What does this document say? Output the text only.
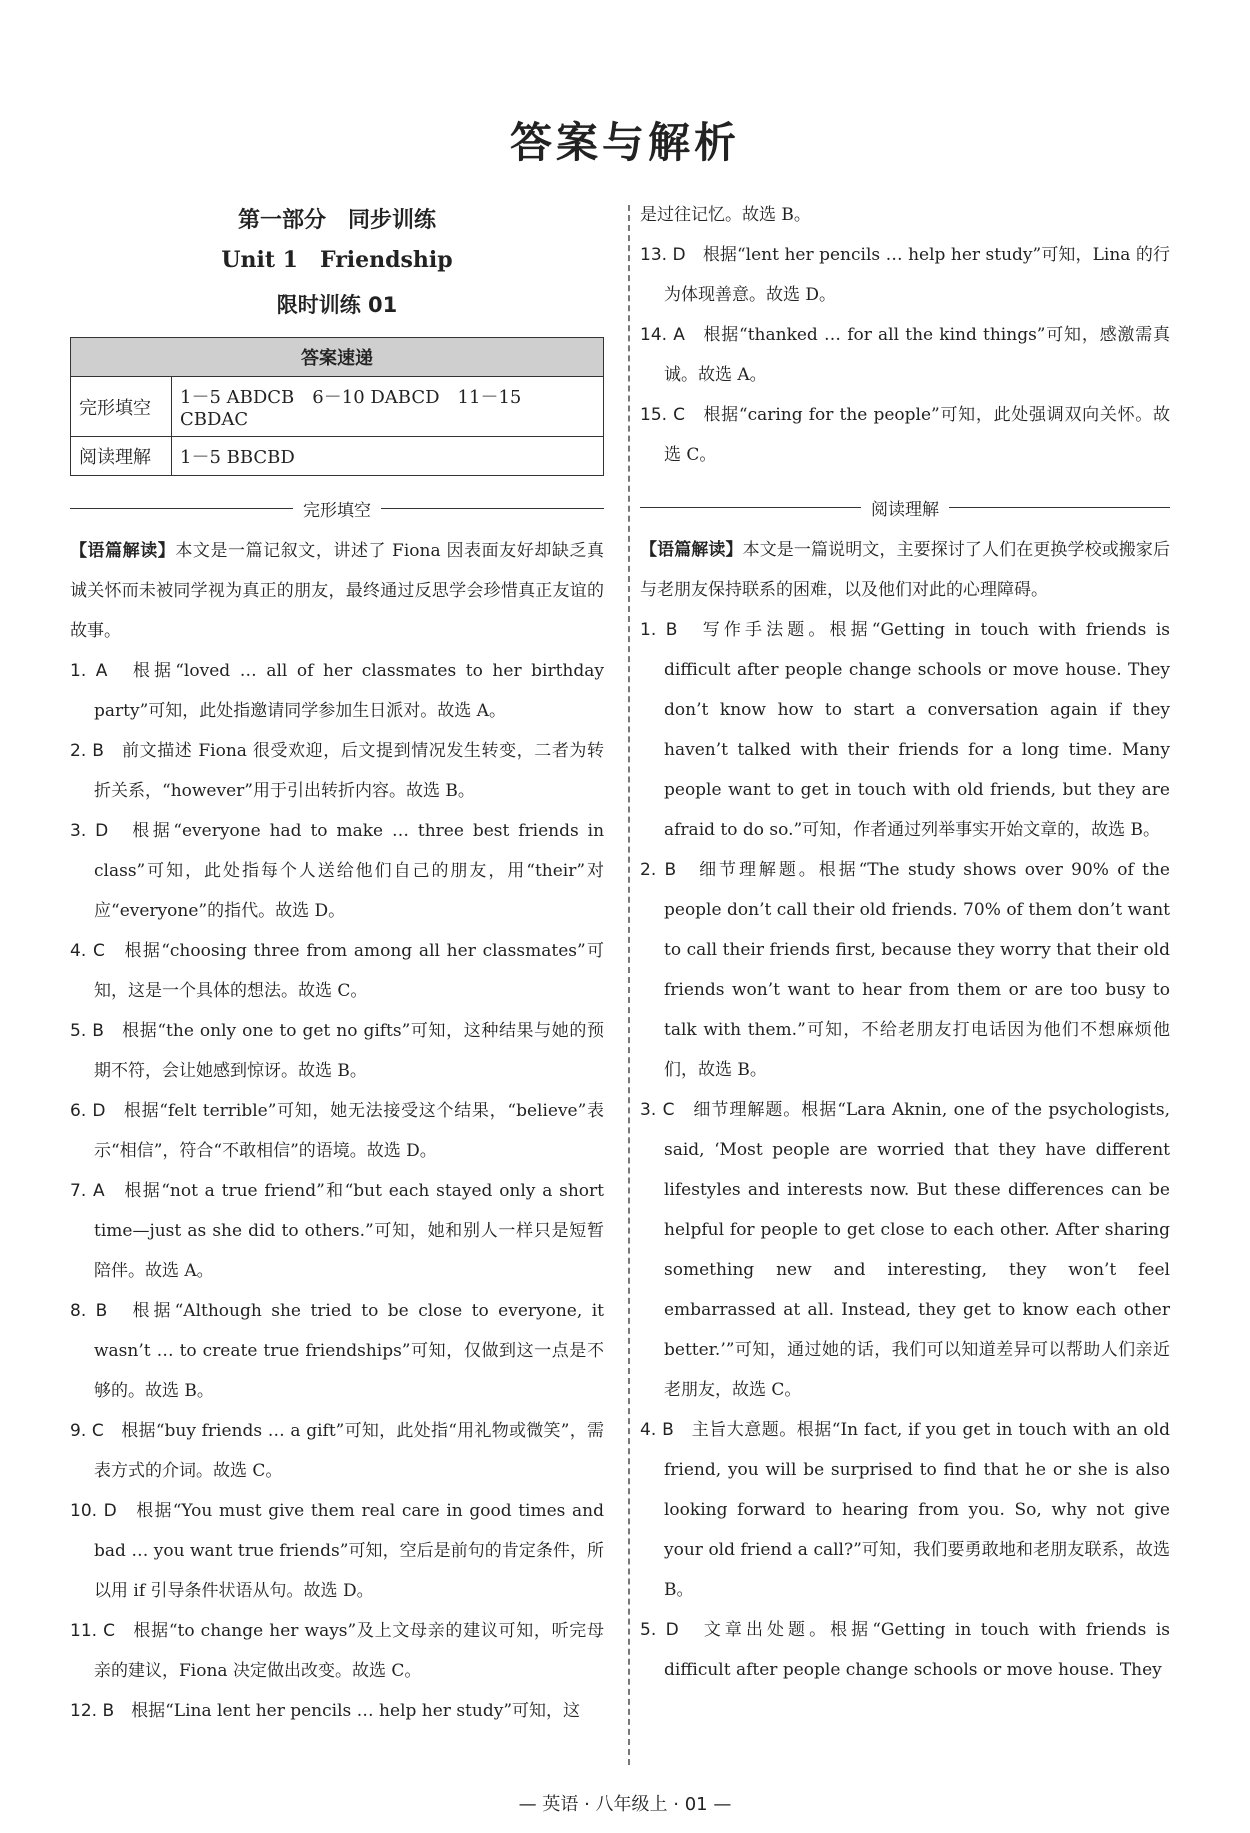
答案与解析
第一部分　同步训练
Unit 1　Friendship
限时训练 01
答案速递	
完形填空	1－5 ABDCB　6－10 DABCD　11－15 CBDAC
阅读理解	1－5 BBCBD
完形填空

【语篇解读】本文是一篇记叙文，讲述了 Fiona 因表面友好却缺乏真诚关怀而未被同学视为真正的朋友，最终通过反思学会珍惜真正友谊的故事。

1. A　 根据“loved … all of her classmates to her birthday party”可知，此处指邀请同学参加生日派对。故选 A。

2. B　 前文描述 Fiona 很受欢迎，后文提到情况发生转变，二者为转折关系，“however”用于引出转折内容。故选 B。

3. D　 根据“everyone had to make … three best friends in class”可知，此处指每个人送给他们自己的朋友，用“their”对应“everyone”的指代。故选 D。

4. C　 根据“choosing three from among all her classmates”可知，这是一个具体的想法。故选 C。

5. B　 根据“the only one to get no gifts”可知，这种结果与她的预期不符，会让她感到惊讶。故选 B。

6. D　 根据“felt terrible”可知，她无法接受这个结果，“believe”表示“相信”，符合“不敢相信”的语境。故选 D。

7. A　 根据“not a true friend”和“but each stayed only a short time—just as she did to others.”可知，她和别人一样只是短暂陪伴。故选 A。

8. B　 根据“Although she tried to be close to everyone, it wasn’t … to create true friendships”可知，仅做到这一点是不够的。故选 B。

9. C　 根据“buy friends … a gift”可知，此处指“用礼物或微笑”，需表方式的介词。故选 C。

10. D　 根据“You must give them real care in good times and bad … you want true friends”可知，空后是前句的肯定条件，所以用 if 引导条件状语从句。故选 D。

11. C　 根据“to change her ways”及上文母亲的建议可知，听完母亲的建议，Fiona 决定做出改变。故选 C。

12. B　 根据“Lina lent her pencils … help her study”可知，这

是过往记忆。故选 B。

13. D　 根据“lent her pencils … help her study”可知，Lina 的行为体现善意。故选 D。

14. A　 根据“thanked … for all the kind things”可知，感激需真诚。故选 A。

15. C　 根据“caring for the people”可知，此处强调双向关怀。故选 C。

阅读理解

【语篇解读】本文是一篇说明文，主要探讨了人们在更换学校或搬家后与老朋友保持联系的困难，以及他们对此的心理障碍。

1. B　 写作手法题。根据“Getting in touch with friends is difficult after people change schools or move house. They don’t know how to start a conversation again if they haven’t talked with their friends for a long time. Many people want to get in touch with old friends, but they are afraid to do so.”可知，作者通过列举事实开始文章的，故选 B。

2. B　 细节理解题。根据“The study shows over 90% of the people don’t call their old friends. 70% of them don’t want to call their friends first, because they worry that their old friends won’t want to hear from them or are too busy to talk with them.”可知，不给老朋友打电话因为他们不想麻烦他们，故选 B。

3. C　 细节理解题。根据“Lara Aknin, one of the psychologists, said, ‘Most people are worried that they have different lifestyles and interests now. But these differences can be helpful for people to get close to each other. After sharing something new and interesting, they won’t feel embarrassed at all. Instead, they get to know each other better.’”可知，通过她的话，我们可以知道差异可以帮助人们亲近老朋友，故选 C。

4. B　 主旨大意题。根据“In fact, if you get in touch with an old friend, you will be surprised to find that he or she is also looking forward to hearing from you. So, why not give your old friend a call?”可知，我们要勇敢地和老朋友联系，故选 B。

5. D　 文章出处题。根据“Getting in touch with friends is difficult after people change schools or move house. They

— 英语 · 八年级上 · 01 —
